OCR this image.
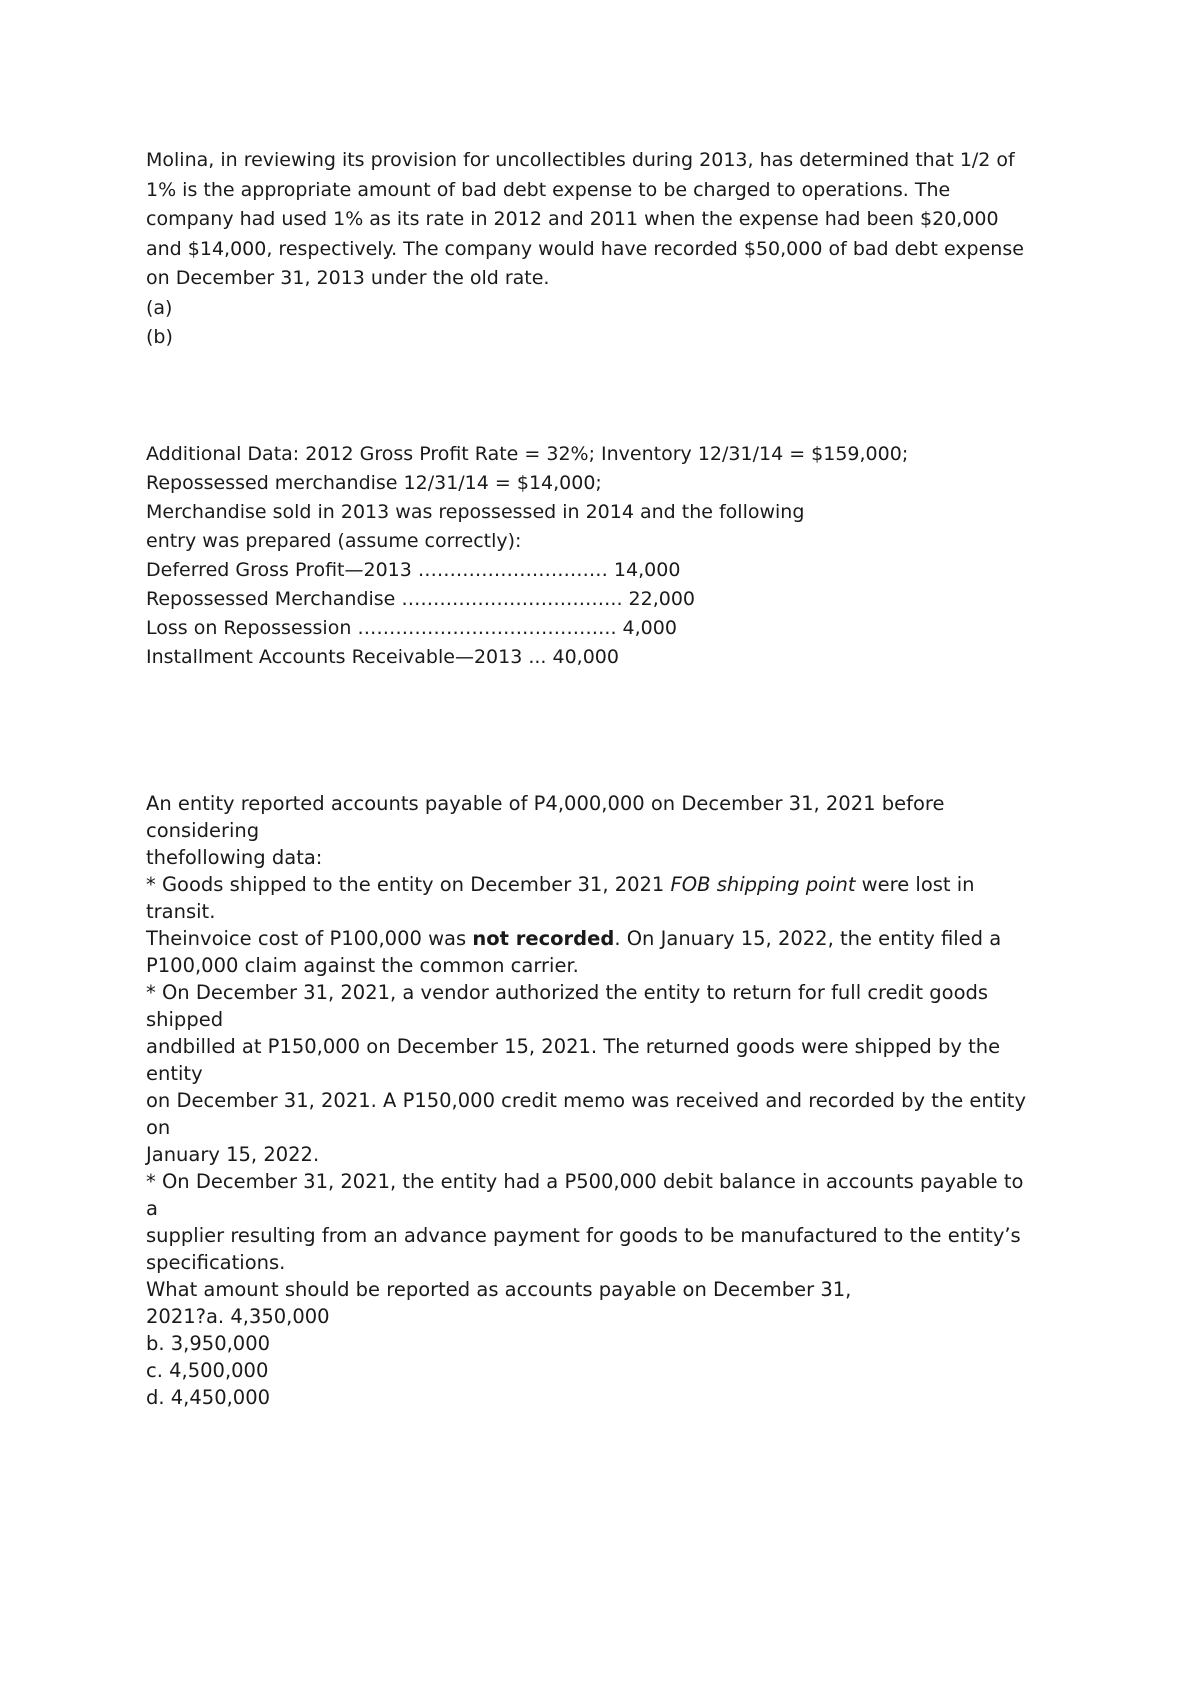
Molina, in reviewing its provision for uncollectibles during 2013, has determined that 1/2 of
1% is the appropriate amount of bad debt expense to be charged to operations. The
company had used 1% as its rate in 2012 and 2011 when the expense had been $20,000
and $14,000, respectively. The company would have recorded $50,000 of bad debt expense
on December 31, 2013 under the old rate.
(a)
(b)
Additional Data: 2012 Gross Profit Rate = 32%; Inventory 12/31/14 = $159,000;
Repossessed merchandise 12/31/14 = $14,000;
Merchandise sold in 2013 was repossessed in 2014 and the following
entry was prepared (assume correctly):
Deferred Gross Profit—2013 ………………………… 14,000
Repossessed Merchandise …………………………….. 22,000
Loss on Repossession ………………………………….. 4,000
Installment Accounts Receivable—2013 ... 40,000
An entity reported accounts payable of P4,000,000 on December 31, 2021 before
considering
thefollowing data:
* Goods shipped to the entity on December 31, 2021 FOB shipping point were lost in
transit.
Theinvoice cost of P100,000 was not recorded. On January 15, 2022, the entity filed a
P100,000 claim against the common carrier.
* On December 31, 2021, a vendor authorized the entity to return for full credit goods
shipped
andbilled at P150,000 on December 15, 2021. The returned goods were shipped by the
entity
on December 31, 2021. A P150,000 credit memo was received and recorded by the entity
on
January 15, 2022.
* On December 31, 2021, the entity had a P500,000 debit balance in accounts payable to
a
supplier resulting from an advance payment for goods to be manufactured to the entity’s
specifications.
What amount should be reported as accounts payable on December 31,
2021?a. 4,350,000
b. 3,950,000
c. 4,500,000
d. 4,450,000
